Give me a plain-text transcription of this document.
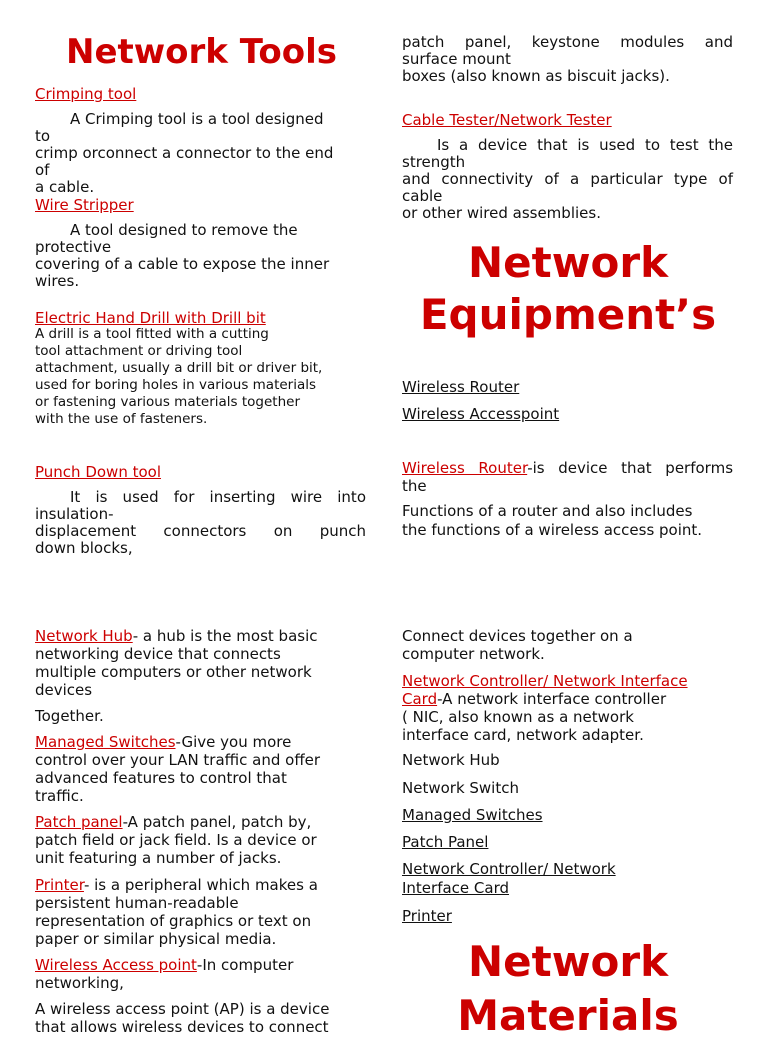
Network Tools
Crimping tool

A Crimping tool is a tool designed

to

crimp orconnect a connector to the end

of

a cable.

Wire Stripper

A tool designed to remove the

protective

covering of a cable to expose the inner

wires.

Electric Hand Drill with Drill bit

A drill is a tool fitted with a cutting

tool attachment or driving tool

attachment, usually a drill bit or driver bit,

used for boring holes in various materials

or fastening various materials together

with the use of fasteners.

Punch Down tool

It is used for inserting wire into

insulation-

displacement connectors on punch

down blocks,

Network Hub- a hub is the most basic

networking device that connects

multiple computers or other network

devices

Together.

Managed Switches-Give you more

control over your LAN traffic and offer

advanced features to control that

traffic.

Patch panel-A patch panel, patch by,

patch field or jack field. Is a device or

unit featuring a number of jacks.

Printer- is a peripheral which makes a

persistent human-readable

representation of graphics or text on

paper or similar physical media.

Wireless Access point-In computer

networking,

A wireless access point (AP) is a device

that allows wireless devices to connect

patch panel, keystone modules and

surface mount

boxes (also known as biscuit jacks).

Cable Tester/Network Tester

Is a device that is used to test the

strength

and connectivity of a particular type of

cable

or other wired assemblies.

Network
Equipment’s
Wireless Router
Wireless Accesspoint

Wireless Router-is device that performs

the

Functions of a router and also includes

the functions of a wireless access point.

Connect devices together on a

computer network.

Network Controller/ Network Interface

Card-A network interface controller

( NIC, also known as a network

interface card, network adapter.

Network Hub
Network Switch
Managed Switches
Patch Panel
Network Controller/ Network
Interface Card
Printer
Network
Materials
